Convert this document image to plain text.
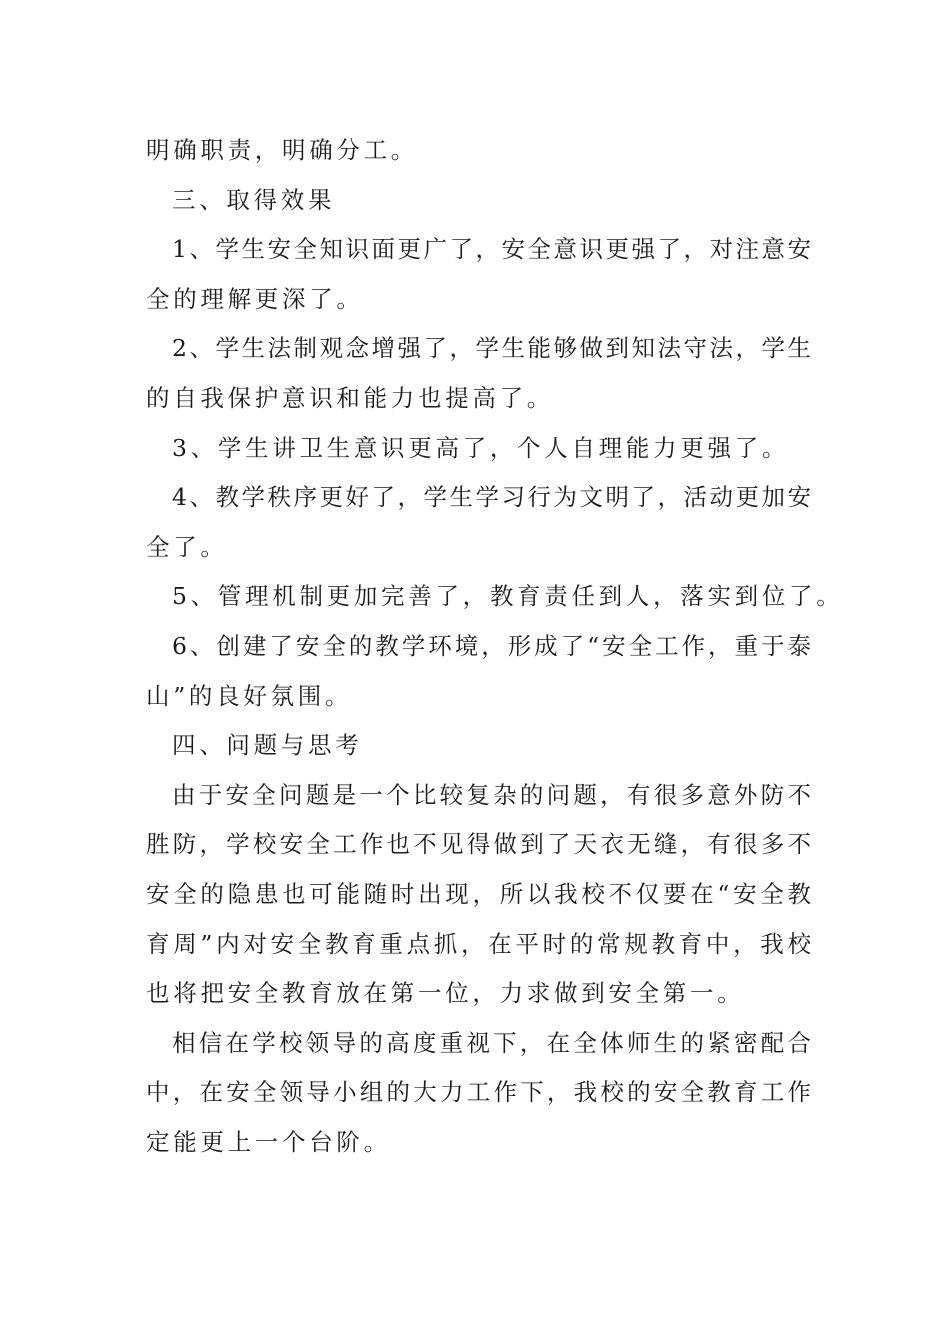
明确职责，明确分工。
三、取得效果
1、学生安全知识面更广了，安全意识更强了，对注意安
全的理解更深了。
2、学生法制观念增强了，学生能够做到知法守法，学生
的自我保护意识和能力也提高了。
3、学生讲卫生意识更高了，个人自理能力更强了。
4、教学秩序更好了，学生学习行为文明了，活动更加安
全了。
5、管理机制更加完善了，教育责任到人，落实到位了。
6、创建了安全的教学环境，形成了“安全工作，重于泰
山”的良好氛围。
四、问题与思考
由于安全问题是一个比较复杂的问题，有很多意外防不
胜防，学校安全工作也不见得做到了天衣无缝，有很多不
安全的隐患也可能随时出现，所以我校不仅要在“安全教
育周”内对安全教育重点抓，在平时的常规教育中，我校
也将把安全教育放在第一位，力求做到安全第一。
相信在学校领导的高度重视下，在全体师生的紧密配合
中，在安全领导小组的大力工作下，我校的安全教育工作
定能更上一个台阶。
